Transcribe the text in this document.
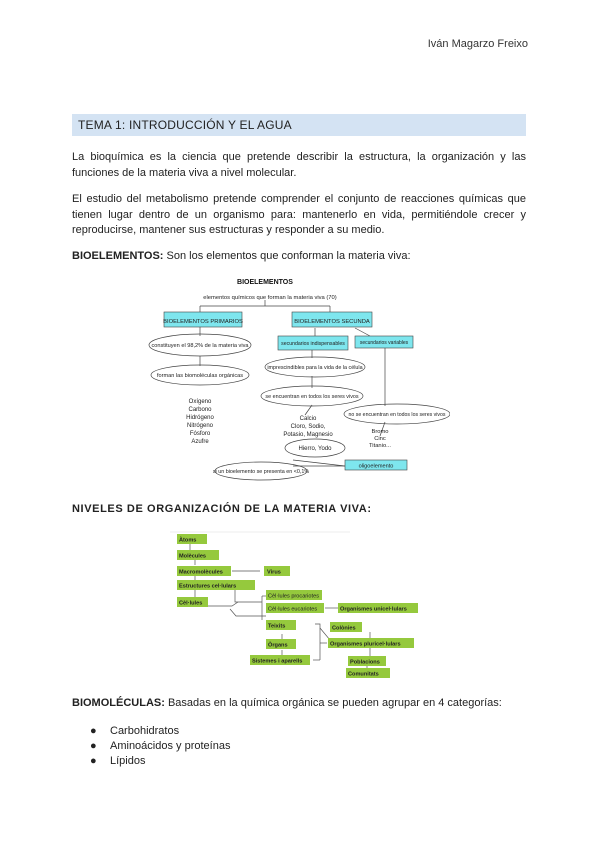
Iván Magarzo Freixo
TEMA 1: INTRODUCCIÓN Y EL AGUA
La bioquímica es la ciencia que pretende describir la estructura, la organización y las funciones de la materia viva a nivel molecular.
El estudio del metabolismo pretende comprender el conjunto de reacciones químicas que tienen lugar dentro de un organismo para: mantenerlo en vida, permitiéndole crecer y reproducirse, mantener sus estructuras y responder a su medio.
BIOELEMENTOS: Son los elementos que conforman la materia viva:
BIOELEMENTOS
elementos químicos que forman la materia viva (70)
BIOELEMENTOS PRIMARIOS	BIOELEMENTOS SECUNDA
constituyen el 98,2% de la materia viva
forman las biomoléculas orgánicas
Oxígeno
Carbono
Hidrógeno
Nitrógeno
Fósforo
Azufre
secundarios indispensables	secundarios variables
imprescindibles para la vida de la célula
se encuentran en todos los seres vivos
no se encuentran en todos los seres vivos
Calcio
Cloro, Sodio,
Potasio, Magnesio
Hierro, Yodo
Bromo
Cinc
Titanio...
si un bioelemento se presenta en <0,1%
oligoelemento
NIVELES DE ORGANIZACIÓN DE LA MATERIA VIVA:
Àtoms
Molècules
Macromolècules	Virus
Estructures cel·lulars
Cèl·lules
Cèl·lules procariotes
Cèl·lules eucariotes	Organismes unicel·lulars
Teixits	Colònies
Òrgans	Organismes pluricel·lulars
Sistemes i aparells	Poblacions
Comunitats
BIOMOLÉCULAS: Basadas en la química orgánica se pueden agrupar en 4 categorías:
● Carbohidratos
● Aminoácidos y proteínas
● Lípidos
